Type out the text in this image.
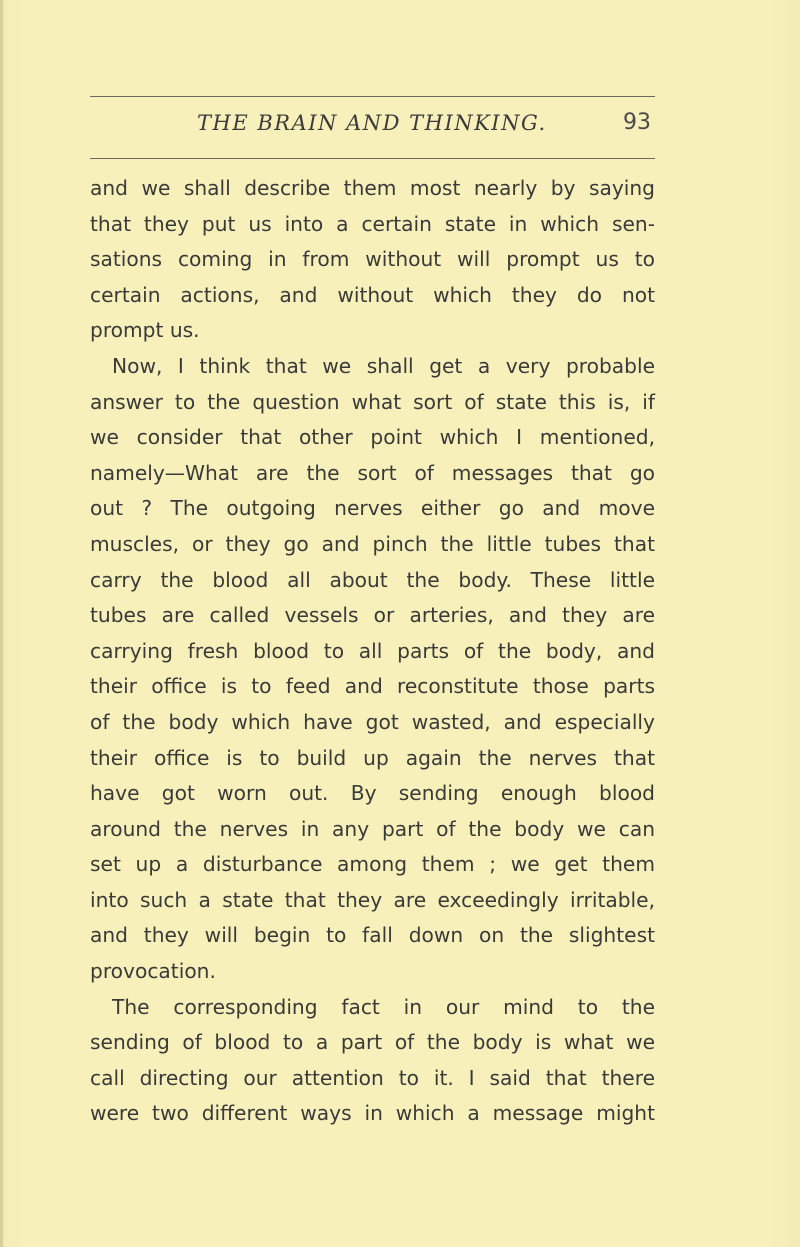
THE BRAIN AND THINKING.	93
and we shall describe them most nearly by saying
that they put us into a certain state in which sen-
sations coming in from without will prompt us to
certain actions, and without which they do not
prompt us.
Now, I think that we shall get a very probable
answer to the question what sort of state this is, if
we consider that other point which I mentioned,
namely—What are the sort of messages that go
out ? The outgoing nerves either go and move
muscles, or they go and pinch the little tubes that
carry the blood all about the body. These little
tubes are called vessels or arteries, and they are
carrying fresh blood to all parts of the body, and
their office is to feed and reconstitute those parts
of the body which have got wasted, and especially
their office is to build up again the nerves that
have got worn out. By sending enough blood
around the nerves in any part of the body we can
set up a disturbance among them ; we get them
into such a state that they are exceedingly irritable,
and they will begin to fall down on the slightest
provocation.
The corresponding fact in our mind to the
sending of blood to a part of the body is what we
call directing our attention to it. I said that there
were two different ways in which a message might
